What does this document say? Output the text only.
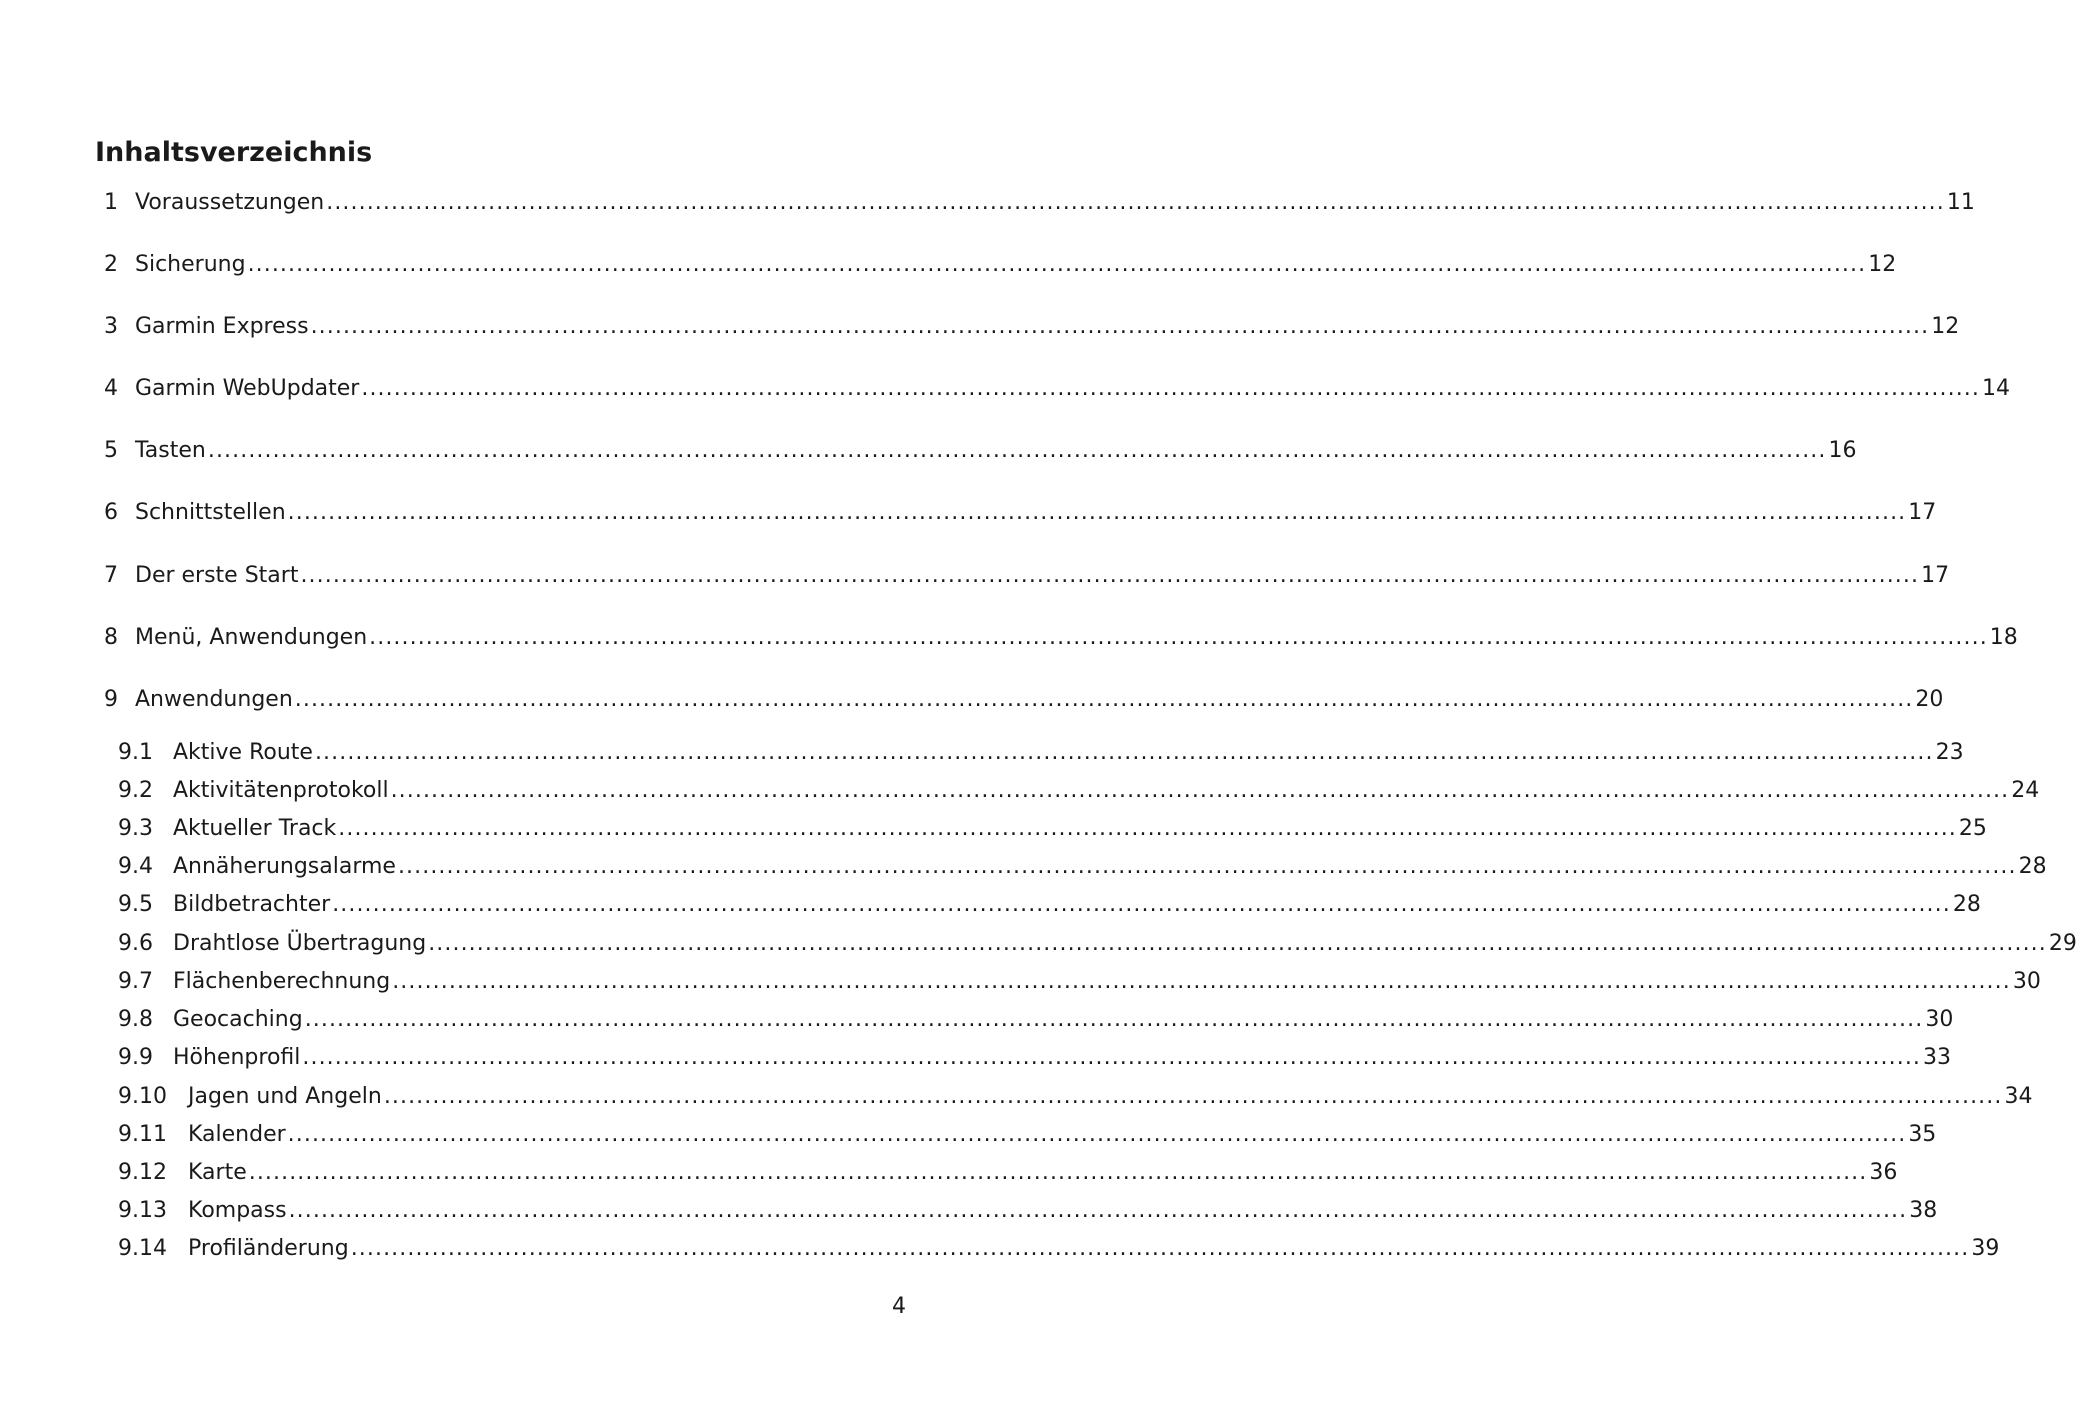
Inhaltsverzeichnis
1 Voraussetzungen ........................................................................................................................................................................................................ 11
2 Sicherung ........................................................................................................................................................................................................ 12
3 Garmin Express ........................................................................................................................................................................................................ 12
4 Garmin WebUpdater ........................................................................................................................................................................................................ 14
5 Tasten ........................................................................................................................................................................................................ 16
6 Schnittstellen ........................................................................................................................................................................................................ 17
7 Der erste Start ........................................................................................................................................................................................................ 17
8 Menü, Anwendungen ........................................................................................................................................................................................................ 18
9 Anwendungen ........................................................................................................................................................................................................ 20
9.1 Aktive Route ........................................................................................................................................................................................................ 23
9.2 Aktivitätenprotokoll ........................................................................................................................................................................................................ 24
9.3 Aktueller Track ........................................................................................................................................................................................................ 25
9.4 Annäherungsalarme ........................................................................................................................................................................................................ 28
9.5 Bildbetrachter ........................................................................................................................................................................................................ 28
9.6 Drahtlose Übertragung ........................................................................................................................................................................................................ 29
9.7 Flächenberechnung ........................................................................................................................................................................................................ 30
9.8 Geocaching ........................................................................................................................................................................................................ 30
9.9 Höhenprofil ........................................................................................................................................................................................................ 33
9.10 Jagen und Angeln ........................................................................................................................................................................................................ 34
9.11 Kalender ........................................................................................................................................................................................................ 35
9.12 Karte ........................................................................................................................................................................................................ 36
9.13 Kompass ........................................................................................................................................................................................................ 38
9.14 Profiländerung ........................................................................................................................................................................................................ 39
4
